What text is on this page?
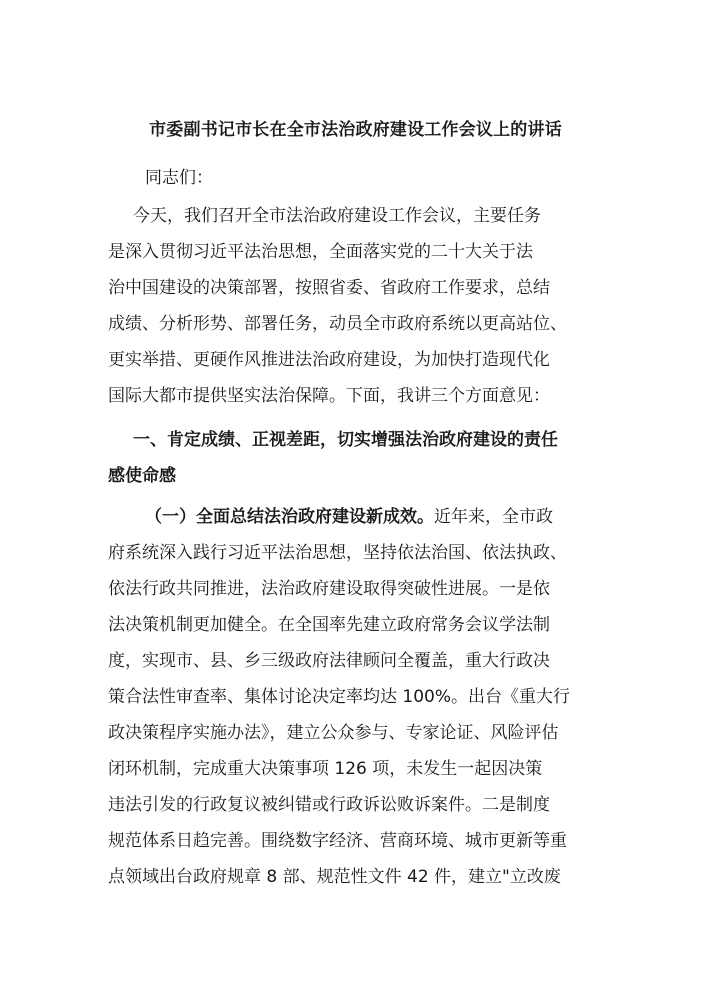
市委副书记市长在全市法治政府建设工作会议上的讲话
同志们：
今天，我们召开全市法治政府建设工作会议，主要任务
是深入贯彻习近平法治思想，全面落实党的二十大关于法
治中国建设的决策部署，按照省委、省政府工作要求，总结
成绩、分析形势、部署任务，动员全市政府系统以更高站位、
更实举措、更硬作风推进法治政府建设，为加快打造现代化
国际大都市提供坚实法治保障。下面，我讲三个方面意见：
一、肯定成绩、正视差距，切实增强法治政府建设的责任
感使命感
（一）全面总结法治政府建设新成效。近年来，全市政
府系统深入践行习近平法治思想，坚持依法治国、依法执政、
依法行政共同推进，法治政府建设取得突破性进展。一是依
法决策机制更加健全。在全国率先建立政府常务会议学法制
度，实现市、县、乡三级政府法律顾问全覆盖，重大行政决
策合法性审查率、集体讨论决定率均达 100%。出台《重大行
政决策程序实施办法》，建立公众参与、专家论证、风险评估
闭环机制，完成重大决策事项 126 项，未发生一起因决策
违法引发的行政复议被纠错或行政诉讼败诉案件。二是制度
规范体系日趋完善。围绕数字经济、营商环境、城市更新等重
点领域出台政府规章 8 部、规范性文件 42 件，建立"立改废
